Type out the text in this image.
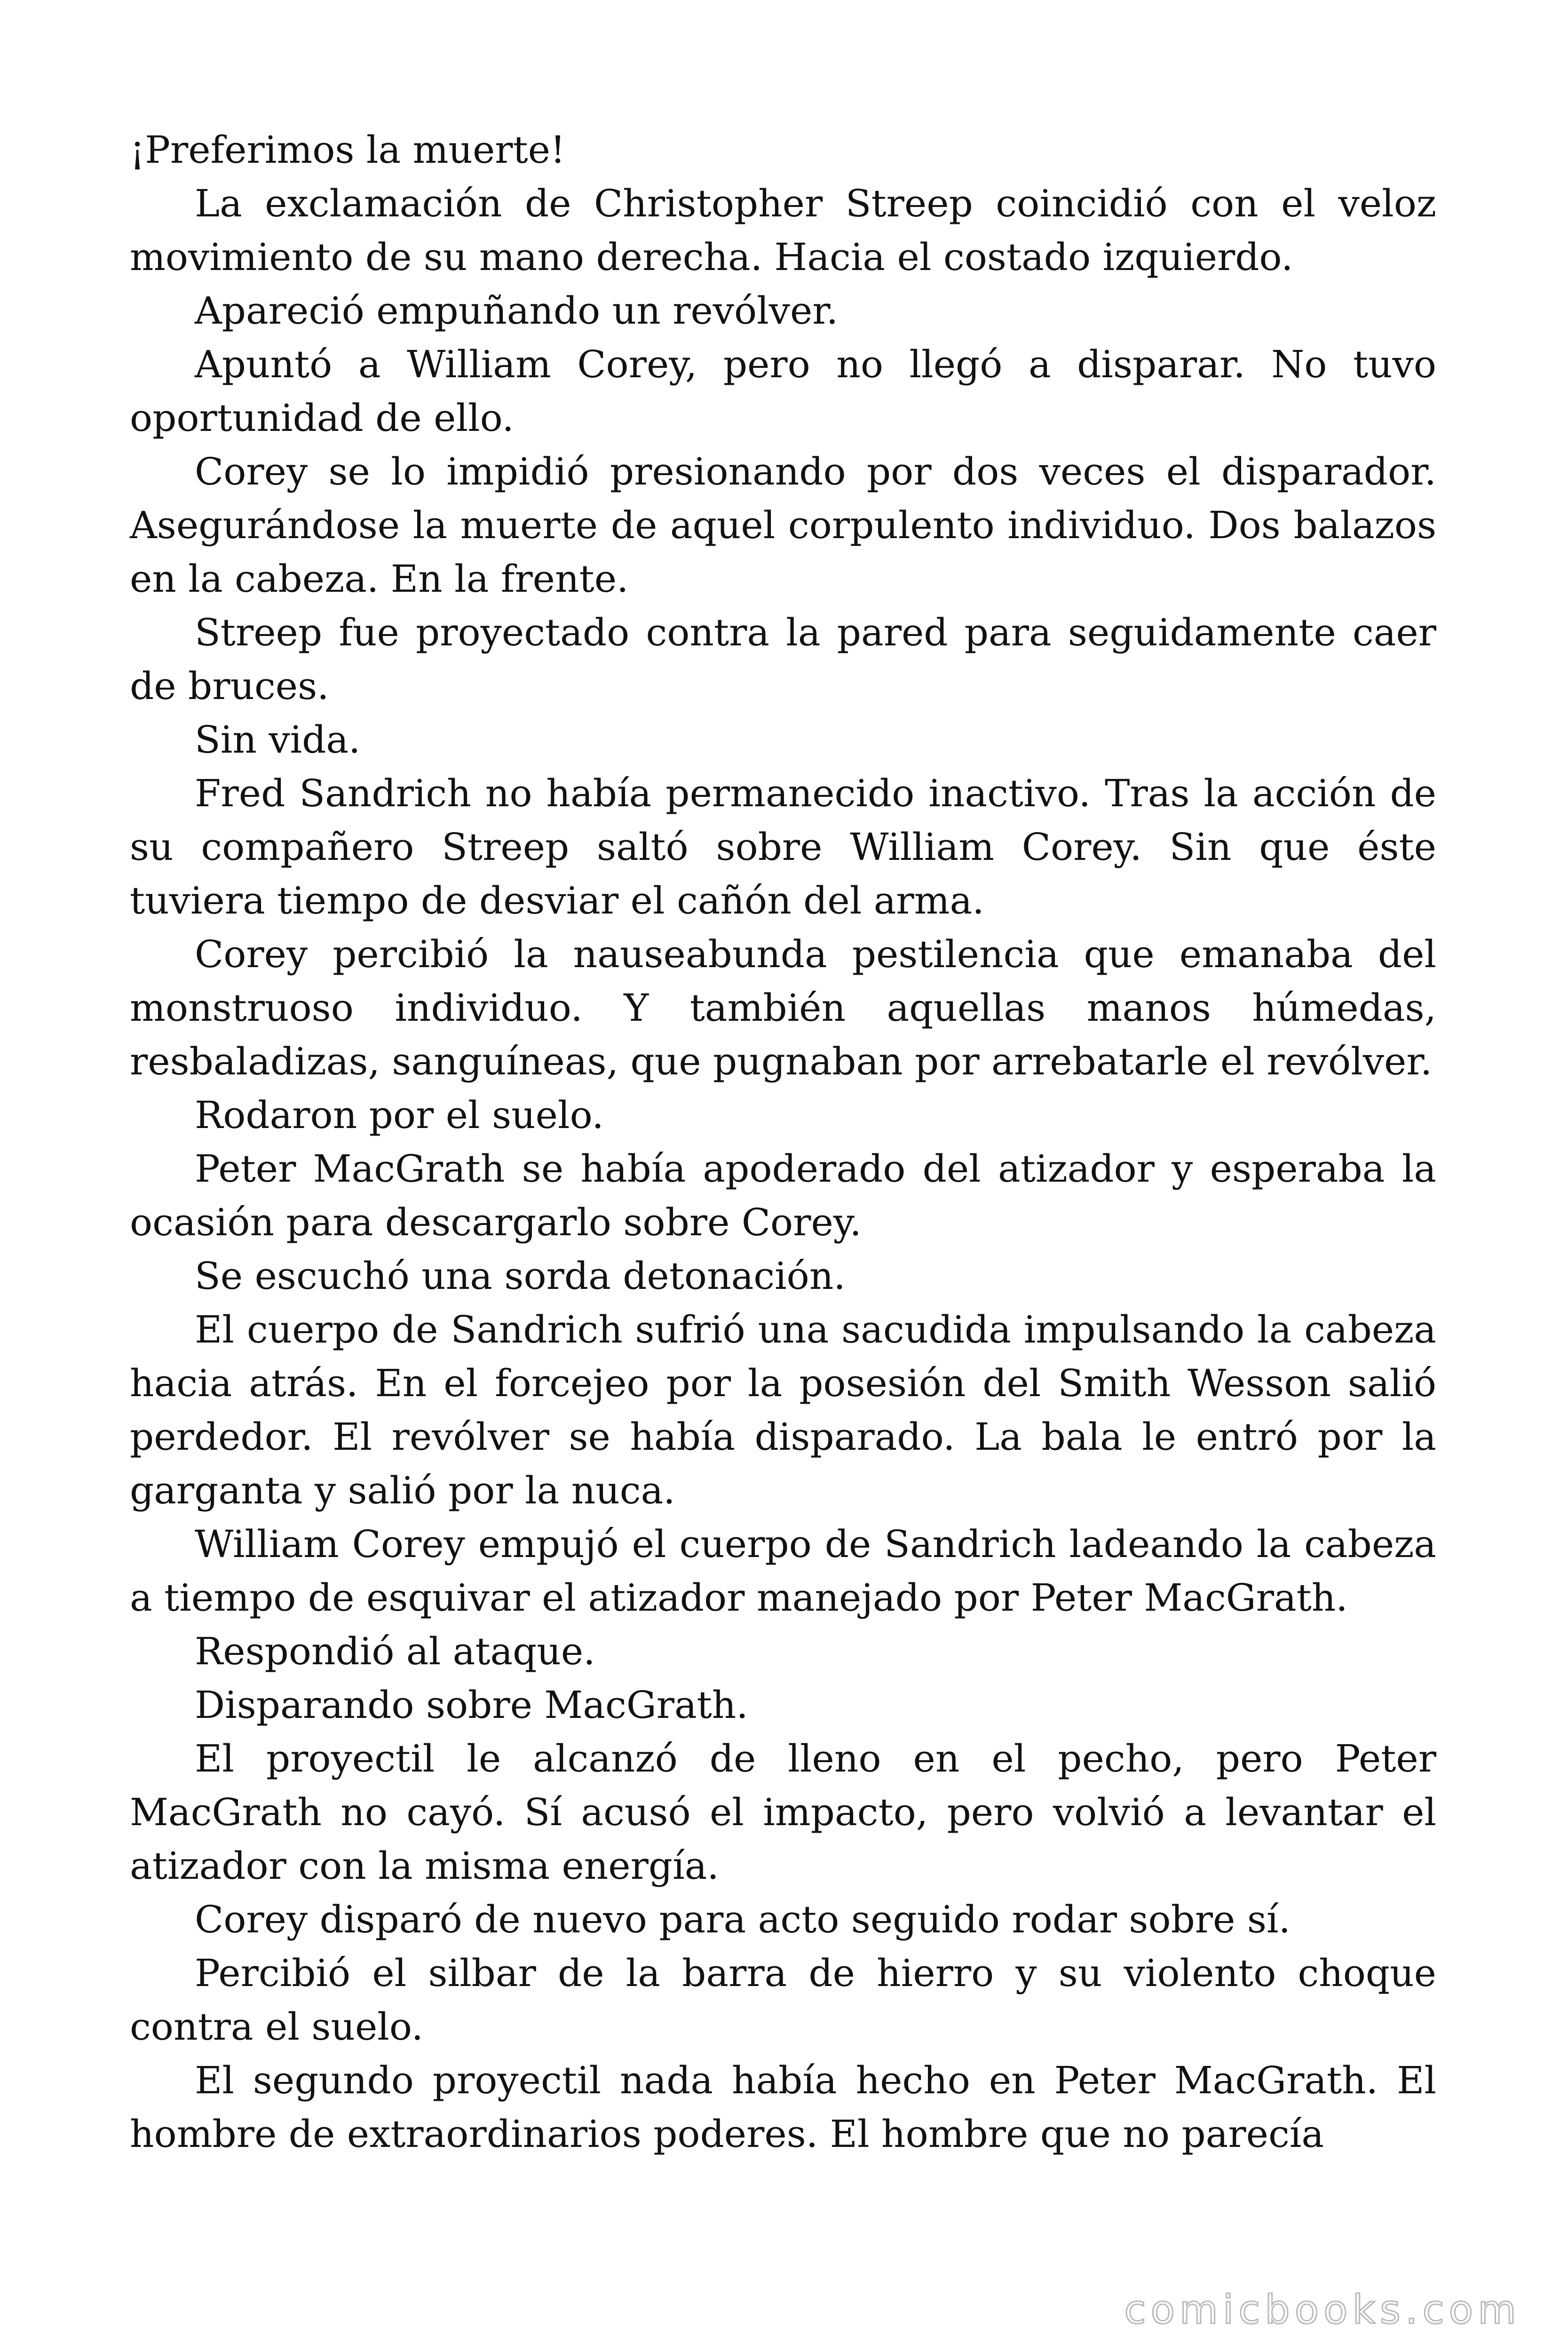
¡Preferimos la muerte!

La exclamación de Christopher Streep coincidió con el veloz movimiento de su mano derecha. Hacia el costado izquierdo.

Apareció empuñando un revólver.

Apuntó a William Corey, pero no llegó a disparar. No tuvo oportunidad de ello.

Corey se lo impidió presionando por dos veces el disparador. Asegurándose la muerte de aquel corpulento individuo. Dos balazos en la cabeza. En la frente.

Streep fue proyectado contra la pared para seguidamente caer de bruces.

Sin vida.

Fred Sandrich no había permanecido inactivo. Tras la acción de su compañero Streep saltó sobre William Corey. Sin que éste tuviera tiempo de desviar el cañón del arma.

Corey percibió la nauseabunda pestilencia que emanaba del monstruoso individuo. Y también aquellas manos húmedas, resbaladizas, sanguíneas, que pugnaban por arrebatarle el revólver.

Rodaron por el suelo.

Peter MacGrath se había apoderado del atizador y esperaba la ocasión para descargarlo sobre Corey.

Se escuchó una sorda detonación.

El cuerpo de Sandrich sufrió una sacudida impulsando la cabeza hacia atrás. En el forcejeo por la posesión del Smith Wesson salió perdedor. El revólver se había disparado. La bala le entró por la garganta y salió por la nuca.

William Corey empujó el cuerpo de Sandrich ladeando la cabeza a tiempo de esquivar el atizador manejado por Peter MacGrath.

Respondió al ataque.

Disparando sobre MacGrath.

El proyectil le alcanzó de lleno en el pecho, pero Peter MacGrath no cayó. Sí acusó el impacto, pero volvió a levantar el atizador con la misma energía.

Corey disparó de nuevo para acto seguido rodar sobre sí.

Percibió el silbar de la barra de hierro y su violento choque contra el suelo.

El segundo proyectil nada había hecho en Peter MacGrath. El hombre de extraordinarios poderes. El hombre que no parecía

comicbooks.com
